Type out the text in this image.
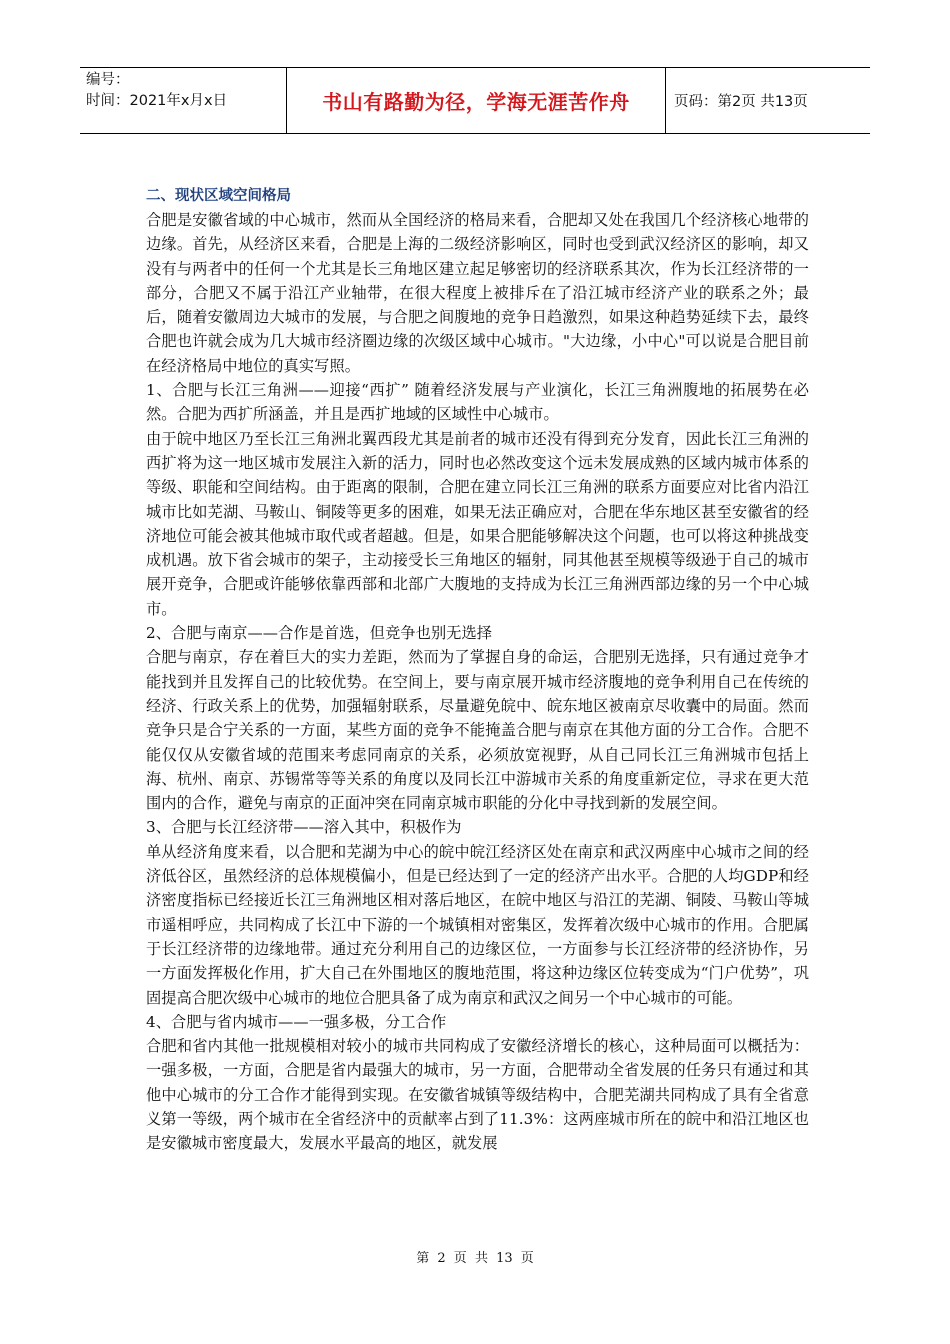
编号：
时间：2021年x月x日	书山有路勤为径，学海无涯苦作舟	页码：第2页 共13页
二、现状区域空间格局

合肥是安徽省域的中心城市，然而从全国经济的格局来看，合肥却又处在我国几个经济核心地带的边缘。首先，从经济区来看，合肥是上海的二级经济影响区，同时也受到武汉经济区的影响，却又没有与两者中的任何一个尤其是长三角地区建立起足够密切的经济联系其次，作为长江经济带的一部分，合肥又不属于沿江产业轴带，在很大程度上被排斥在了沿江城市经济产业的联系之外；最后，随着安徽周边大城市的发展，与合肥之间腹地的竞争日趋激烈，如果这种趋势延续下去，最终合肥也许就会成为几大城市经济圈边缘的次级区域中心城市。"大边缘，小中心"可以说是合肥目前在经济格局中地位的真实写照。

1、合肥与长江三角洲——迎接“西扩” 随着经济发展与产业演化，长江三角洲腹地的拓展势在必然。合肥为西扩所涵盖，并且是西扩地域的区域性中心城市。

由于皖中地区乃至长江三角洲北翼西段尤其是前者的城市还没有得到充分发育，因此长江三角洲的西扩将为这一地区城市发展注入新的活力，同时也必然改变这个远未发展成熟的区域内城市体系的等级、职能和空间结构。由于距离的限制，合肥在建立同长江三角洲的联系方面要应对比省内沿江城市比如芜湖、马鞍山、铜陵等更多的困难，如果无法正确应对，合肥在华东地区甚至安徽省的经济地位可能会被其他城市取代或者超越。但是，如果合肥能够解决这个问题，也可以将这种挑战变成机遇。放下省会城市的架子，主动接受长三角地区的辐射，同其他甚至规模等级逊于自己的城市展开竞争，合肥或许能够依靠西部和北部广大腹地的支持成为长江三角洲西部边缘的另一个中心城市。

2、合肥与南京——合作是首选，但竞争也别无选择

合肥与南京，存在着巨大的实力差距，然而为了掌握自身的命运，合肥别无选择，只有通过竞争才能找到并且发挥自己的比较优势。在空间上，要与南京展开城市经济腹地的竞争利用自己在传统的经济、行政关系上的优势，加强辐射联系，尽量避免皖中、皖东地区被南京尽收囊中的局面。然而竞争只是合宁关系的一方面，某些方面的竞争不能掩盖合肥与南京在其他方面的分工合作。合肥不能仅仅从安徽省域的范围来考虑同南京的关系，必须放宽视野，从自己同长江三角洲城市包括上海、杭州、南京、苏锡常等等关系的角度以及同长江中游城市关系的角度重新定位，寻求在更大范围内的合作，避免与南京的正面冲突在同南京城市职能的分化中寻找到新的发展空间。

3、合肥与长江经济带——溶入其中，积极作为

单从经济角度来看，以合肥和芜湖为中心的皖中皖江经济区处在南京和武汉两座中心城市之间的经济低谷区，虽然经济的总体规模偏小，但是已经达到了一定的经济产出水平。合肥的人均GDP和经济密度指标已经接近长江三角洲地区相对落后地区，在皖中地区与沿江的芜湖、铜陵、马鞍山等城市遥相呼应，共同构成了长江中下游的一个城镇相对密集区，发挥着次级中心城市的作用。合肥属于长江经济带的边缘地带。通过充分利用自己的边缘区位，一方面参与长江经济带的经济协作，另一方面发挥极化作用，扩大自己在外围地区的腹地范围，将这种边缘区位转变成为“门户优势”，巩固提高合肥次级中心城市的地位合肥具备了成为南京和武汉之间另一个中心城市的可能。

4、合肥与省内城市——一强多极，分工合作

合肥和省内其他一批规模相对较小的城市共同构成了安徽经济增长的核心，这种局面可以概括为：一强多极，一方面，合肥是省内最强大的城市，另一方面，合肥带动全省发展的任务只有通过和其他中心城市的分工合作才能得到实现。在安徽省城镇等级结构中，合肥芜湖共同构成了具有全省意义第一等级，两个城市在全省经济中的贡献率占到了11.3%：这两座城市所在的皖中和沿江地区也是安徽城市密度最大，发展水平最高的地区，就发展

第 2 页 共 13 页
